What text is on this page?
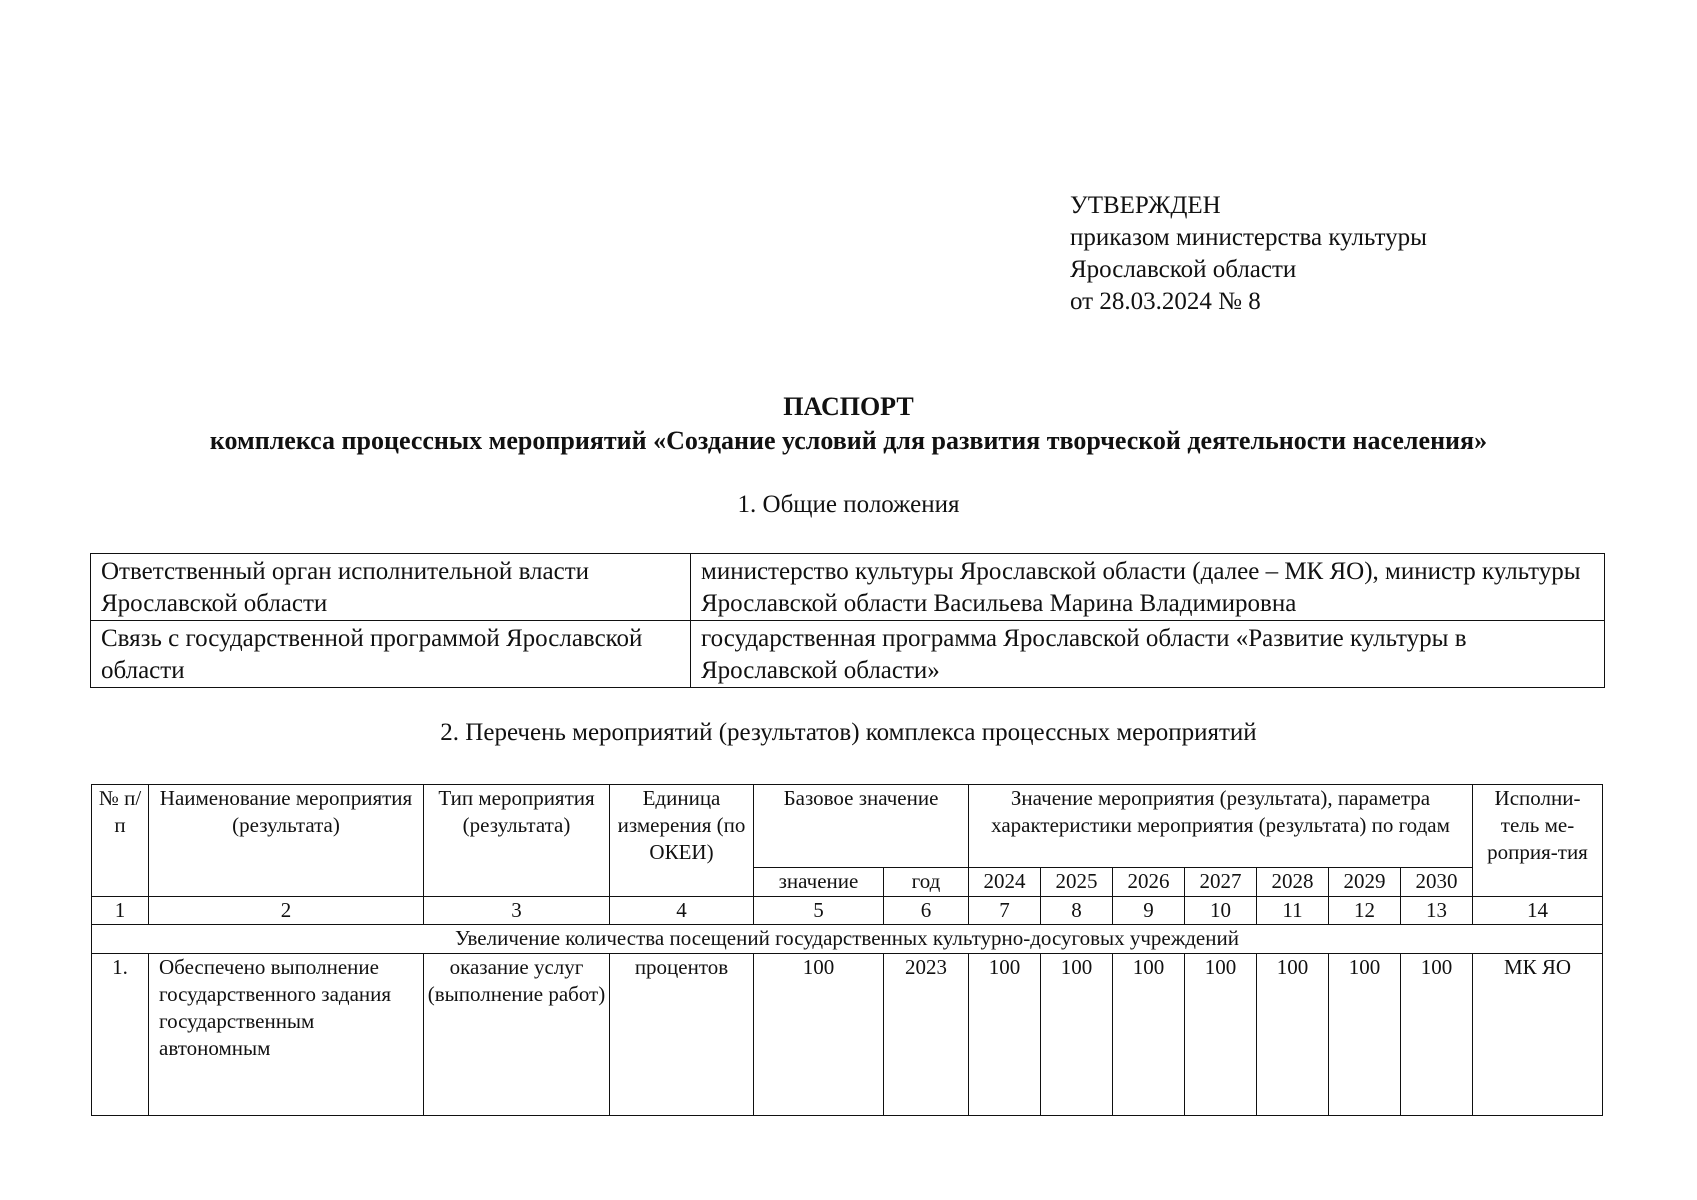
УТВЕРЖДЕН
приказом министерства культуры
Ярославской области
от 28.03.2024 № 8
ПАСПОРТ
комплекса процессных мероприятий «Создание условий для развития творческой деятельности населения»
1. Общие положения
Ответственный орган исполнительной власти Ярославской области	министерство культуры Ярославской области (далее – МК ЯО), министр культуры Ярославской области Васильева Марина Владимировна
Связь с государственной программой Ярославской области	государственная программа Ярославской области «Развитие культуры в Ярославской области»
2. Перечень мероприятий (результатов) комплекса процессных мероприятий
№ п/п	Наименование мероприятия (результата)	Тип мероприятия (результата)	Единица измерения (по ОКЕИ)	Базовое значение		Значение мероприятия (результата), параметра характеристики мероприятия (результата) по годам							Исполни-тель ме-роприя-тия
				значение	год	2024	2025	2026	2027	2028	2029	2030	
1	2	3	4	5	6	7	8	9	10	11	12	13	14
Увеличение количества посещений государственных культурно-досуговых учреждений													
1.	Обеспечено выполнение государственного задания государственным автономным	оказание услуг (выполнение работ)	процентов	100	2023	100	100	100	100	100	100	100	МК ЯО
